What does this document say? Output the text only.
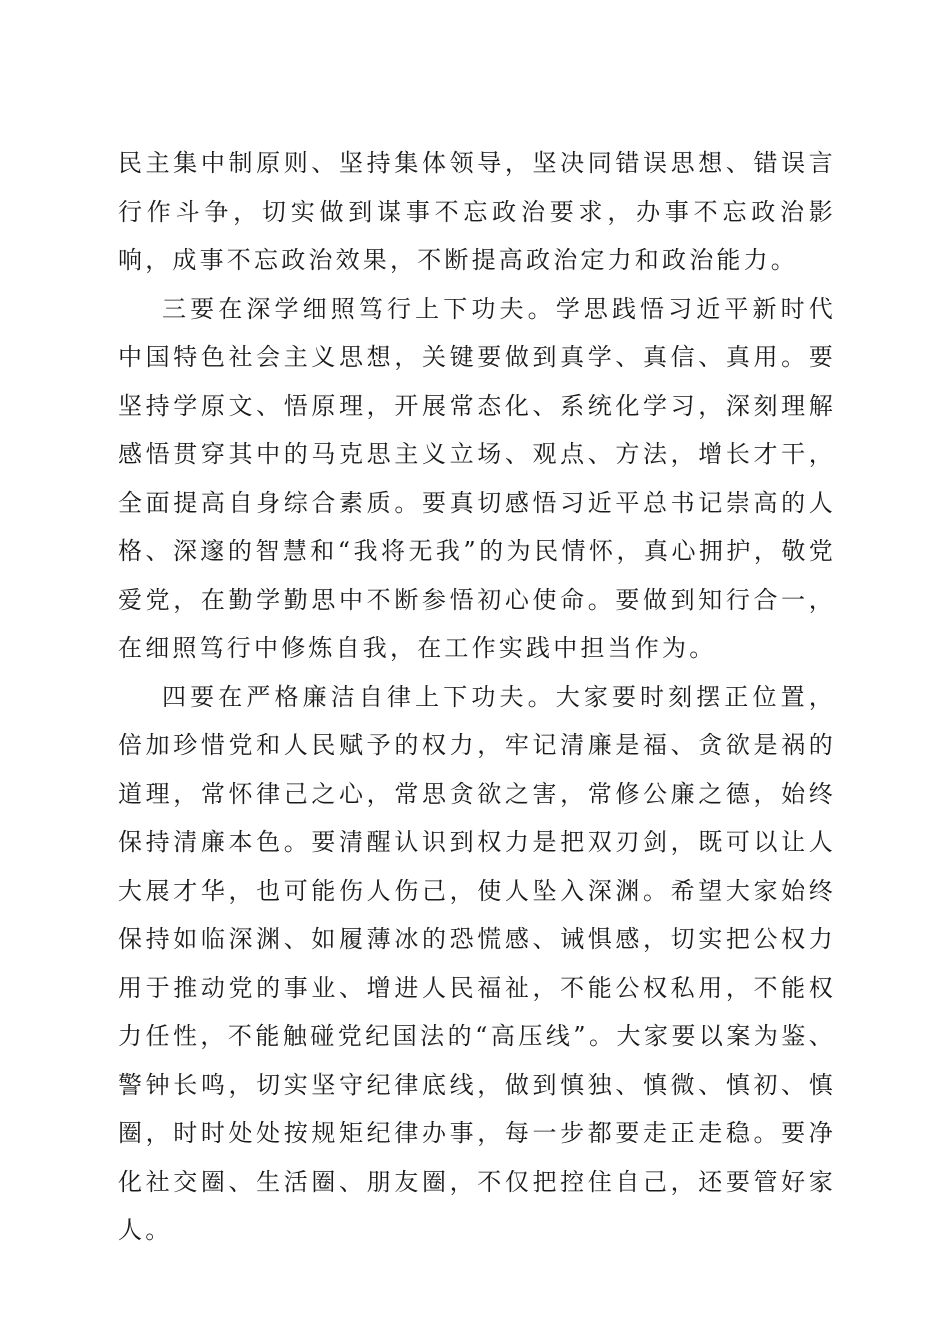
民主集中制原则、坚持集体领导，坚决同错误思想、错误言行作斗争，切实做到谋事不忘政治要求，办事不忘政治影响，成事不忘政治效果，不断提高政治定力和政治能力。

三要在深学细照笃行上下功夫。学思践悟习近平新时代中国特色社会主义思想，关键要做到真学、真信、真用。要坚持学原文、悟原理，开展常态化、系统化学习，深刻理解感悟贯穿其中的马克思主义立场、观点、方法，增长才干，全面提高自身综合素质。要真切感悟习近平总书记崇高的人格、深邃的智慧和“我将无我”的为民情怀，真心拥护，敬党爱党，在勤学勤思中不断参悟初心使命。要做到知行合一，在细照笃行中修炼自我，在工作实践中担当作为。

四要在严格廉洁自律上下功夫。大家要时刻摆正位置，倍加珍惜党和人民赋予的权力，牢记清廉是福、贪欲是祸的道理，常怀律己之心，常思贪欲之害，常修公廉之德，始终保持清廉本色。要清醒认识到权力是把双刃剑，既可以让人大展才华，也可能伤人伤己，使人坠入深渊。希望大家始终保持如临深渊、如履薄冰的恐慌感、诫惧感，切实把公权力用于推动党的事业、增进人民福祉，不能公权私用，不能权力任性，不能触碰党纪国法的“高压线”。大家要以案为鉴、警钟长鸣，切实坚守纪律底线，做到慎独、慎微、慎初、慎圈，时时处处按规矩纪律办事，每一步都要走正走稳。要净化社交圈、生活圈、朋友圈，不仅把控住自己，还要管好家人。
